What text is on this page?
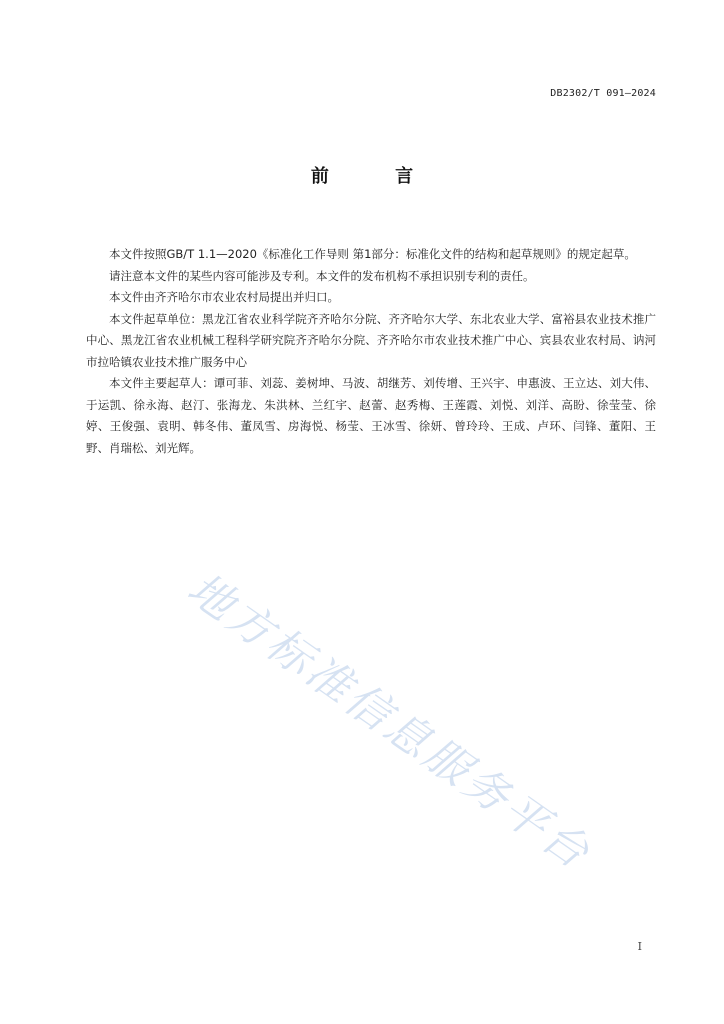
DB2302/T 091—2024
前 言

本文件按照GB/T 1.1—2020《标准化工作导则 第1部分：标准化文件的结构和起草规则》的规定起草。

请注意本文件的某些内容可能涉及专利。本文件的发布机构不承担识别专利的责任。

本文件由齐齐哈尔市农业农村局提出并归口。

本文件起草单位：黑龙江省农业科学院齐齐哈尔分院、齐齐哈尔大学、东北农业大学、富裕县农业技术推广中心、黑龙江省农业机械工程科学研究院齐齐哈尔分院、齐齐哈尔市农业技术推广中心、宾县农业农村局、讷河市拉哈镇农业技术推广服务中心

本文件主要起草人：谭可菲、刘蕊、姜树坤、马波、胡继芳、刘传增、王兴宇、申惠波、王立达、刘大伟、于运凯、徐永海、赵汀、张海龙、朱洪林、兰红宇、赵蕾、赵秀梅、王莲霞、刘悦、刘洋、高盼、徐莹莹、徐婷、王俊强、袁明、韩冬伟、董凤雪、房海悦、杨莹、王冰雪、徐妍、曾玲玲、王成、卢环、闫锋、董阳、王野、肖瑞松、刘光辉。

地方标准信息服务平台
I
